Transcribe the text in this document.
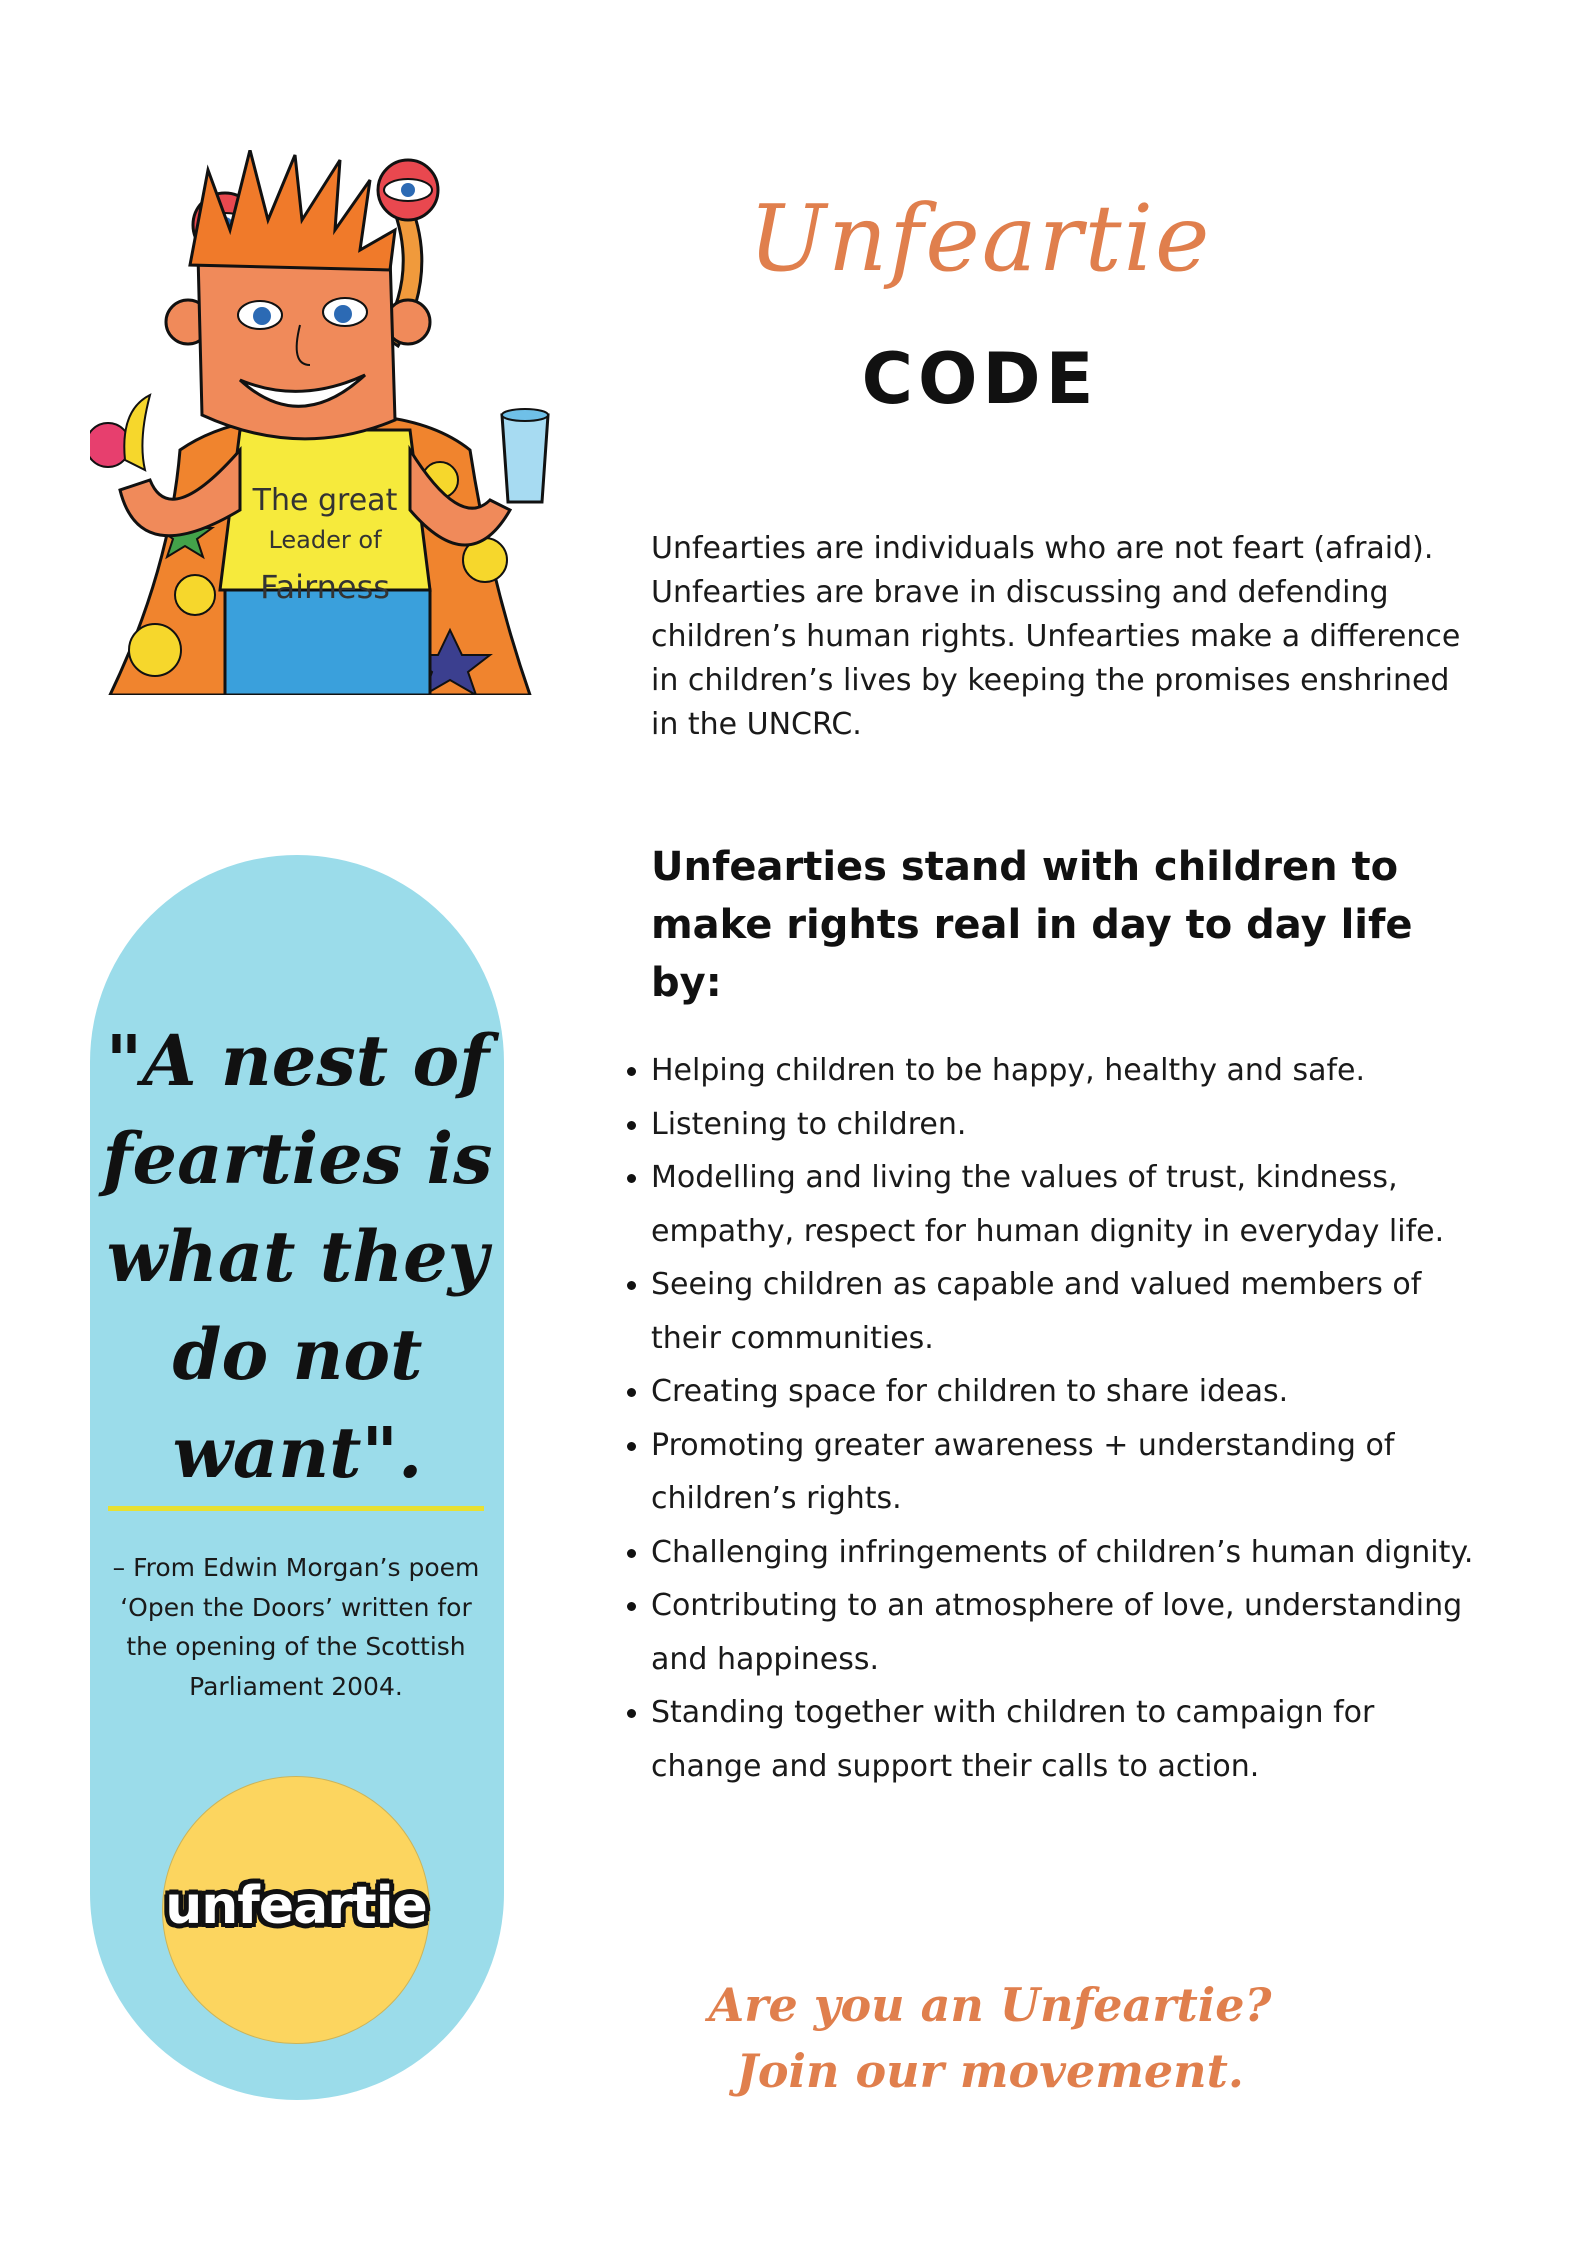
The great
Leader of
Fairness
Unfeartie
CODE
Unfearties are individuals who are not feart (afraid). Unfearties are brave in discussing and defending children’s human rights. Unfearties make a difference in children’s lives by keeping the promises enshrined in the UNCRC.
Unfearties stand with children to make rights real in day to day life by:
Helping children to be happy, healthy and safe.
Listening to children.
Modelling and living the values of trust, kindness, empathy, respect for human dignity in everyday life.
Seeing children as capable and valued members of their communities.
Creating space for children to share ideas.
Promoting greater awareness + understanding of children’s rights.
Challenging infringements of children’s human dignity.
Contributing to an atmosphere of love, understanding and happiness.
Standing together with children to campaign for change and support their calls to action.
"A nest of fearties is what they do not want".
– From Edwin Morgan’s poem ‘Open the Doors’ written for the opening of the Scottish Parliament 2004.
unfeartie
Are you an Unfeartie?
Join our movement.
